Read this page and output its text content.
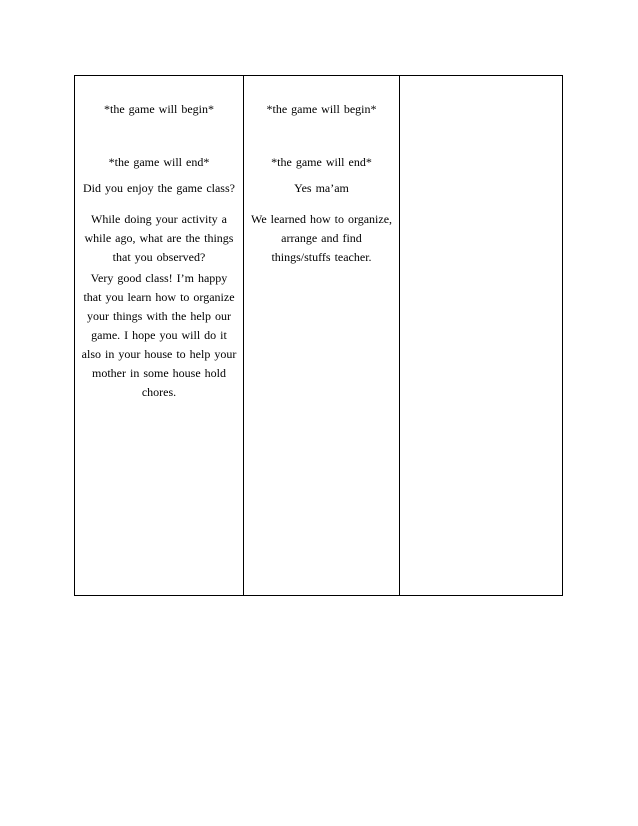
*the game will begin*
*the game will end*
Did you enjoy the game class?
While doing your activity a while ago, what are the things that you observed?
Very good class! I’m happy that you learn how to organize your things with the help our game. I hope you will do it also in your house to help your mother in some house hold chores.
*the game will begin*
*the game will end*
Yes ma’am
We learned how to organize, arrange and find things/stuffs teacher.
